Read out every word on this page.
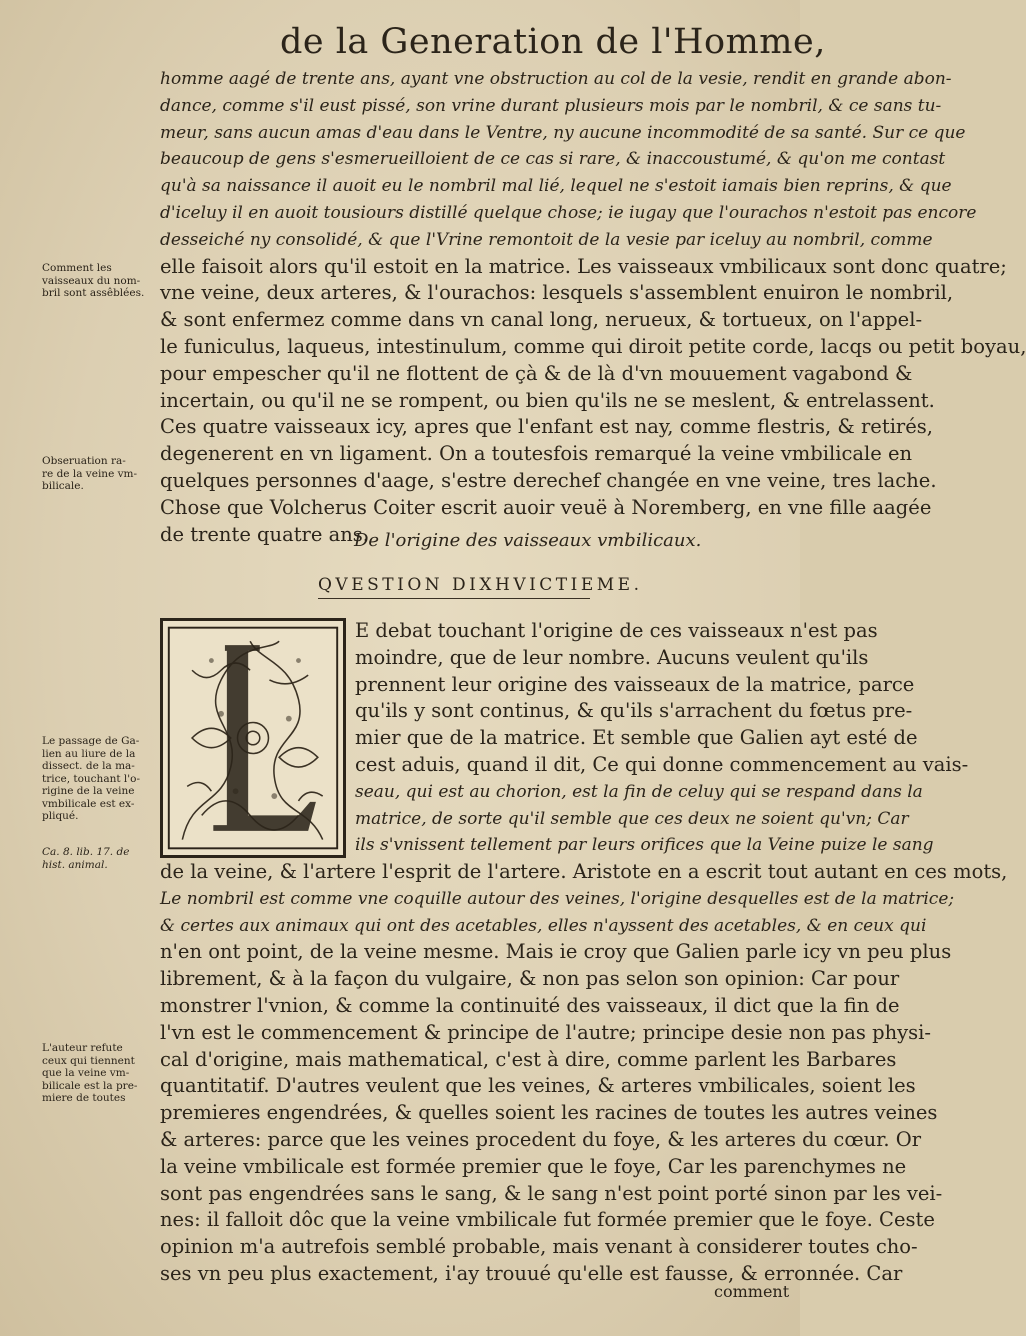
de la Generation de l'Homme,
homme aagé de trente ans, ayant vne obstruction au col de la vesie, rendit en grande abon-
dance, comme s'il eust pissé, son vrine durant plusieurs mois par le nombril, & ce sans tu-
meur, sans aucun amas d'eau dans le Ventre, ny aucune incommodité de sa santé. Sur ce que
beaucoup de gens s'esmerueilloient de ce cas si rare, & inaccoustumé, & qu'on me contast
qu'à sa naissance il auoit eu le nombril mal lié, lequel ne s'estoit iamais bien reprins, & que
d'iceluy il en auoit tousiours distillé quelque chose; ie iugay que l'ourachos n'estoit pas encore
desseiché ny consolidé, & que l'Vrine remontoit de la vesie par iceluy au nombril, comme
elle faisoit alors qu'il estoit en la matrice. Les vaisseaux vmbilicaux sont donc quatre;
vne veine, deux arteres, & l'ourachos: lesquels s'assemblent enuiron le nombril,
& sont enfermez comme dans vn canal long, nerueux, & tortueux, on l'appel-
le funiculus, laqueus, intestinulum, comme qui diroit petite corde, lacqs ou petit boyau,
pour empescher qu'il ne flottent de çà & de là d'vn mouuement vagabond &
incertain, ou qu'il ne se rompent, ou bien qu'ils ne se meslent, & entrelassent.
Ces quatre vaisseaux icy, apres que l'enfant est nay, comme flestris, & retirés,
degenerent en vn ligament. On a toutesfois remarqué la veine vmbilicale en
quelques personnes d'aage, s'estre derechef changée en vne veine, tres lache.
Chose que Volcherus Coiter escrit auoir veuë à Noremberg, en vne fille aagée
de trente quatre ans.
Comment les
vaisseaux du nom-
bril sont assêblées.
Obseruation ra-
re de la veine vm-
bilicale.
Le passage de Ga-
lien au liure de la
dissect. de la ma-
trice, touchant l'o-
rigine de la veine
vmbilicale est ex-
pliqué.
Ca. 8. lib. 17. de
hist. animal.
L'auteur refute
ceux qui tiennent
que la veine vm-
bilicale est la pre-
miere de toutes
De l'origine des vaisseaux vmbilicaux.
QVESTION DIXHVICTIEME.
E debat touchant l'origine de ces vaisseaux n'est pas
moindre, que de leur nombre. Aucuns veulent qu'ils
prennent leur origine des vaisseaux de la matrice, parce
qu'ils y sont continus, & qu'ils s'arrachent du fœtus pre-
mier que de la matrice. Et semble que Galien ayt esté de
cest aduis, quand il dit, Ce qui donne commencement au vais-
seau, qui est au chorion, est la fin de celuy qui se respand dans la
matrice, de sorte qu'il semble que ces deux ne soient qu'vn; Car
ils s'vnissent tellement par leurs orifices que la Veine puize le sang
de la veine, & l'artere l'esprit de l'artere. Aristote en a escrit tout autant en ces mots,
Le nombril est comme vne coquille autour des veines, l'origine desquelles est de la matrice;
& certes aux animaux qui ont des acetables, elles n'ayssent des acetables, & en ceux qui
n'en ont point, de la veine mesme. Mais ie croy que Galien parle icy vn peu plus
librement, & à la façon du vulgaire, & non pas selon son opinion: Car pour
monstrer l'vnion, & comme la continuité des vaisseaux, il dict que la fin de
l'vn est le commencement & principe de l'autre; principe desie non pas physi-
cal d'origine, mais mathematical, c'est à dire, comme parlent les Barbares
quantitatif. D'autres veulent que les veines, & arteres vmbilicales, soient les
premieres engendrées, & quelles soient les racines de toutes les autres veines
& arteres: parce que les veines procedent du foye, & les arteres du cœur. Or
la veine vmbilicale est formée premier que le foye, Car les parenchymes ne
sont pas engendrées sans le sang, & le sang n'est point porté sinon par les vei-
nes: il falloit dôc que la veine vmbilicale fut formée premier que le foye. Ceste
opinion m'a autrefois semblé probable, mais venant à considerer toutes cho-
ses vn peu plus exactement, i'ay trouué qu'elle est fausse, & erronnée. Car
comment
